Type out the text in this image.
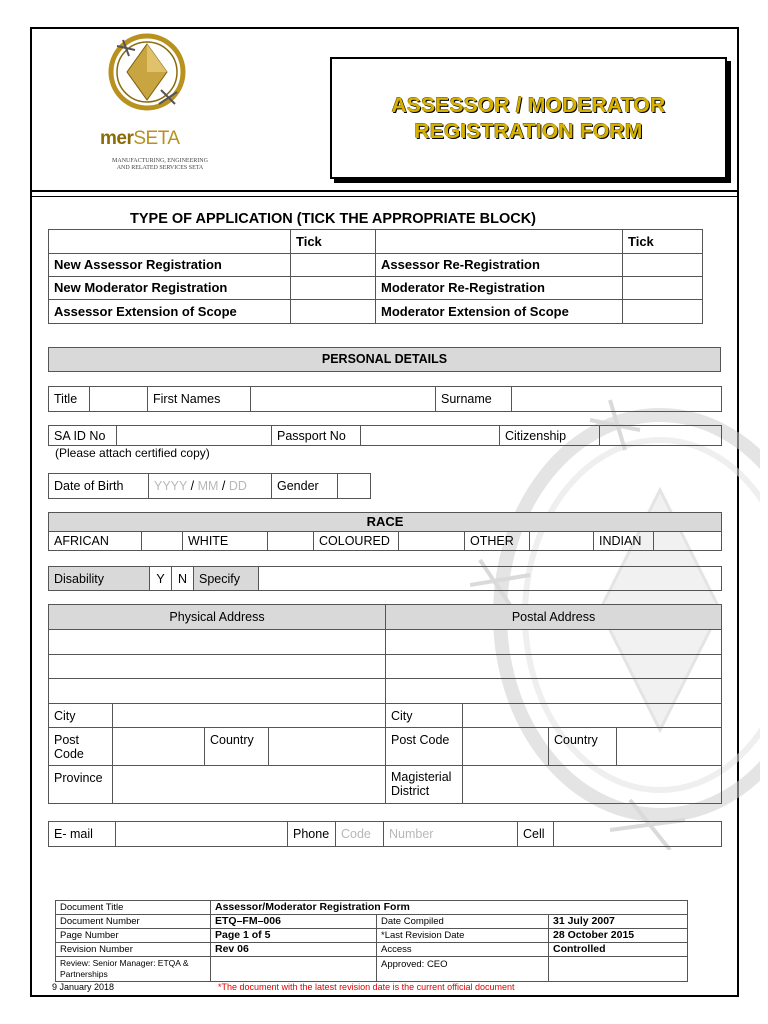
merSETA
MANUFACTURING, ENGINEERING
AND RELATED SERVICES SETA
ASSESSOR / MODERATOR
REGISTRATION FORM
TYPE OF APPLICATION (TICK THE APPROPRIATE BLOCK)
	Tick		Tick
New Assessor Registration		Assessor Re-Registration	
New Moderator Registration		Moderator Re-Registration	
Assessor Extension of Scope		Moderator Extension of Scope	
PERSONAL DETAILS
Title		First Names		Surname	
SA ID No		Passport No		Citizenship	
(Please attach certified copy)
Date of Birth	YYYY / MM / DD	Gender	
RACE
AFRICAN		WHITE		COLOURED		OTHER		INDIAN	
Disability	Y	N	Specify	
Physical Address				Postal Address			

City				City			

Post
Code		Country		Post Code		Country	
Province				Magisterial
District			

E- mail		Phone	Code	Number	Cell	
Document Title	Assessor/Moderator Registration Form		
Document Number	ETQ–FM–006	Date Compiled	31 July 2007
Page Number	Page 1 of 5	*Last Revision Date	28 October 2015
Revision Number	Rev 06	Access	Controlled

Review: Senior Manager: ETQA &
Partnerships		Approved: CEO	
9 January 2018	*The document with the latest revision date is the current official document
